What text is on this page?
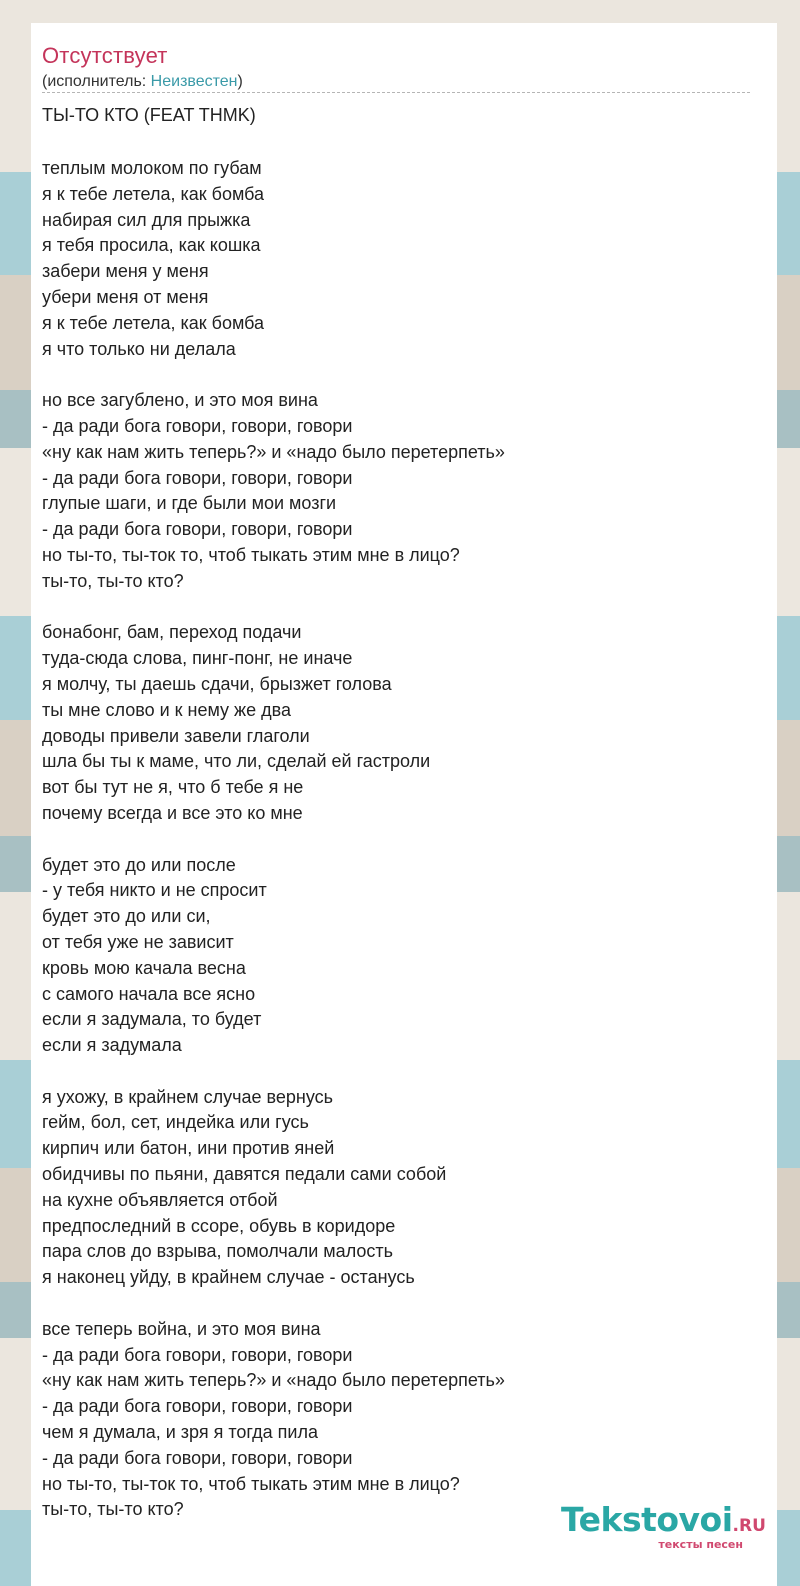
Отсутствует
(исполнитель: Неизвестен)
ТЫ-ТО КТО (FEAT THMK)
теплым молоком по губам
я к тебе летела, как бомба
набирая сил для прыжка
я тебя просила, как кошка
забери меня у меня
убери меня от меня
я к тебе летела, как бомба
я что только ни делала

но все загублено, и это моя вина
- да ради бога говори, говори, говори
«ну как нам жить теперь?» и «надо было перетерпеть»
- да ради бога говори, говори, говори
глупые шаги, и где были мои мозги
- да ради бога говори, говори, говори
но ты-то, ты-ток то, чтоб тыкать этим мне в лицо?
ты-то, ты-то кто?

бонабонг, бам, переход подачи
туда-сюда слова, пинг-понг, не иначе
я молчу, ты даешь сдачи, брызжет голова
ты мне слово и к нему же два
доводы привели завели глаголи
шла бы ты к маме, что ли, сделай ей гастроли
вот бы тут не я, что б тебе я не
почему всегда и все это ко мне

будет это до или после
- у тебя никто и не спросит
будет это до или си,
от тебя уже не зависит
кровь мою качала весна
с самого начала все ясно
если я задумала, то будет
если я задумала

я ухожу, в крайнем случае вернусь
гейм, бол, сет, индейка или гусь
кирпич или батон, ини против яней
обидчивы по пьяни, давятся педали сами собой
на кухне объявляется отбой
предпоследний в ссоре, обувь в коридоре
пара слов до взрыва, помолчали малость
я наконец уйду, в крайнем случае - останусь

все теперь война, и это моя вина
- да ради бога говори, говори, говори
«ну как нам жить теперь?» и «надо было перетерпеть»
- да ради бога говори, говори, говори
чем я думала, и зря я тогда пила
- да ради бога говори, говори, говори
но ты-то, ты-ток то, чтоб тыкать этим мне в лицо?
ты-то, ты-то кто?	Tekstovoi.RU
тексты песен
